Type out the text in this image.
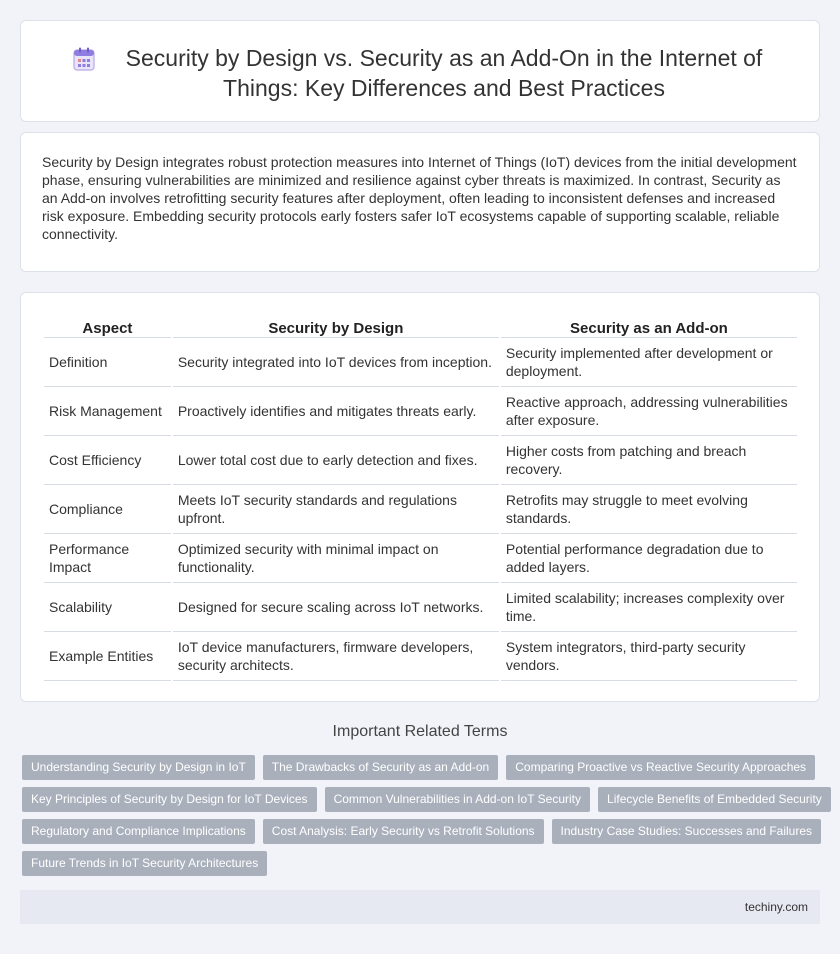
Security by Design vs. Security as an Add-On in the Internet of Things: Key Differences and Best Practices

Security by Design integrates robust protection measures into Internet of Things (IoT) devices from the initial development phase, ensuring vulnerabilities are minimized and resilience against cyber threats is maximized. In contrast, Security as an Add-on involves retrofitting security features after deployment, often leading to inconsistent defenses and increased risk exposure. Embedding security protocols early fosters safer IoT ecosystems capable of supporting scalable, reliable connectivity.

Aspect	Security by Design	Security as an Add-on
Definition	Security integrated into IoT devices from inception.	Security implemented after development or deployment.
Risk Management	Proactively identifies and mitigates threats early.	Reactive approach, addressing vulnerabilities after exposure.
Cost Efficiency	Lower total cost due to early detection and fixes.	Higher costs from patching and breach recovery.
Compliance	Meets IoT security standards and regulations upfront.	Retrofits may struggle to meet evolving standards.
Performance Impact	Optimized security with minimal impact on functionality.	Potential performance degradation due to added layers.
Scalability	Designed for secure scaling across IoT networks.	Limited scalability; increases complexity over time.
Example Entities	IoT device manufacturers, firmware developers, security architects.	System integrators, third-party security vendors.
Important Related Terms
Understanding Security by Design in IoT	The Drawbacks of Security as an Add-on	Comparing Proactive vs Reactive Security Approaches
Key Principles of Security by Design for IoT Devices	Common Vulnerabilities in Add-on IoT Security	Lifecycle Benefits of Embedded Security
Regulatory and Compliance Implications	Cost Analysis: Early Security vs Retrofit Solutions	Industry Case Studies: Successes and Failures
Future Trends in IoT Security Architectures
techiny.com
